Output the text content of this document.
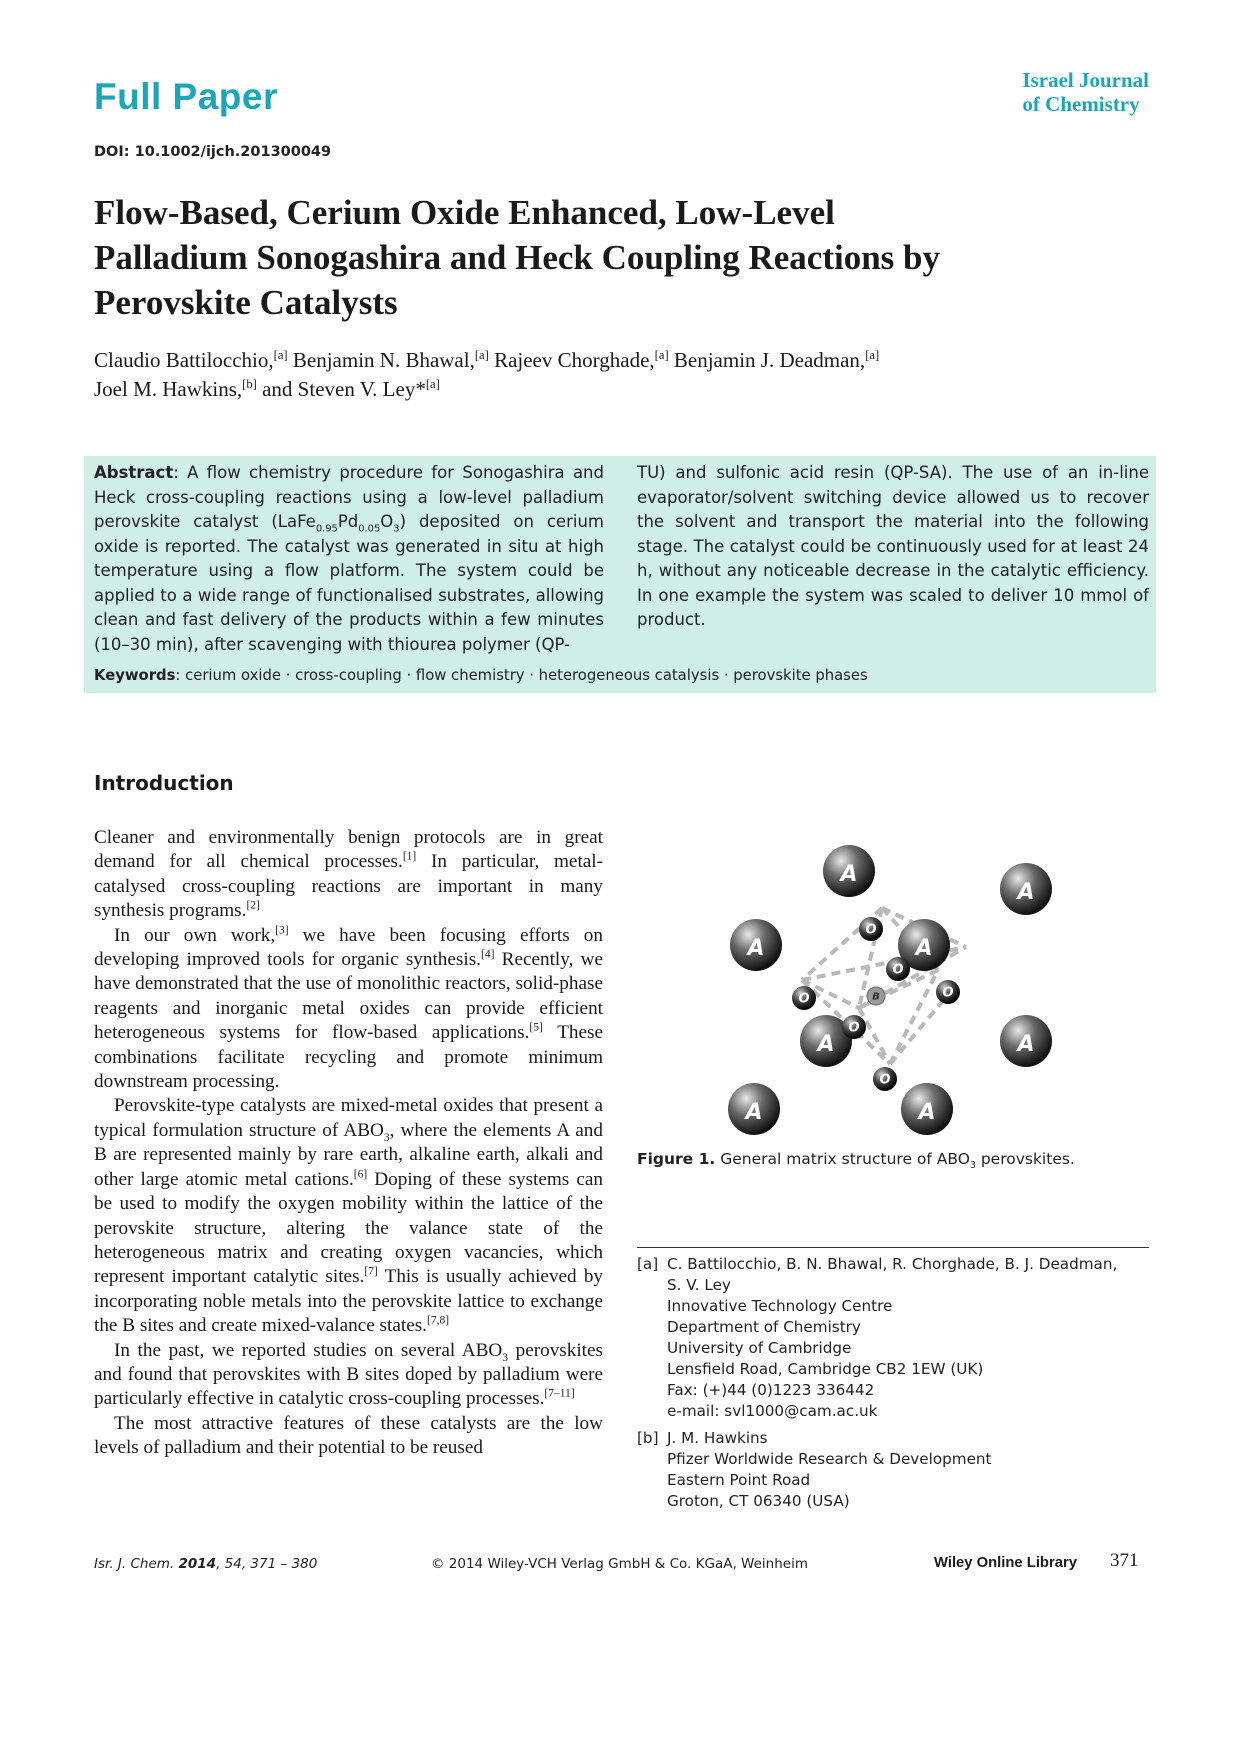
Full Paper	Israel Journal
of Chemistry
DOI: 10.1002/ijch.201300049
Flow-Based, Cerium Oxide Enhanced, Low-Level
Palladium Sonogashira and Heck Coupling Reactions by
Perovskite Catalysts
Claudio Battilocchio,[a] Benjamin N. Bhawal,[a] Rajeev Chorghade,[a] Benjamin J. Deadman,[a]
Joel M. Hawkins,[b] and Steven V. Ley*[a]
Abstract: A flow chemistry procedure for Sonogashira and Heck cross-coupling reactions using a low-level palladium perovskite catalyst $(LaFe_{0.95}Pd_{0.05}O_3)$ deposited on cerium oxide is reported. The catalyst was generated in situ at high temperature using a flow platform. The system could be applied to a wide range of functionalised substrates, allowing clean and fast delivery of the products within a few minutes (10–30 min), after scavenging with thiourea polymer (QP-
TU) and sulfonic acid resin (QP-SA). The use of an in-line evaporator/solvent switching device allowed us to recover the solvent and transport the material into the following stage. The catalyst could be continuously used for at least 24 h, without any noticeable decrease in the catalytic efficiency. In one example the system was scaled to deliver 10 mmol of product.
Keywords: cerium oxide · cross-coupling · flow chemistry · heterogeneous catalysis · perovskite phases
Introduction

Cleaner and environmentally benign protocols are in great demand for all chemical processes.[1] In particular, metal-catalysed cross-coupling reactions are important in many synthesis programs.[2]

In our own work,[3] we have been focusing efforts on developing improved tools for organic synthesis.[4] Recently, we have demonstrated that the use of monolithic reactors, solid-phase reagents and inorganic metal oxides can provide efficient heterogeneous systems for flow-based applications.[5] These combinations facilitate recycling and promote minimum downstream processing.

Perovskite-type catalysts are mixed-metal oxides that present a typical formulation structure of $ABO_3$, where the elements A and B are represented mainly by rare earth, alkaline earth, alkali and other large atomic metal cations.[6] Doping of these systems can be used to modify the oxygen mobility within the lattice of the perovskite structure, altering the valance state of the heterogeneous matrix and creating oxygen vacancies, which represent important catalytic sites.[7] This is usually achieved by incorporating noble metals into the perovskite lattice to exchange the B sites and create mixed-valance states.[7,8]

In the past, we reported studies on several $ABO_3$ perovskites and found that perovskites with B sites doped by palladium were particularly effective in catalytic cross-coupling processes.[7–11]

The most attractive features of these catalysts are the low levels of palladium and their potential to be reused

A
A
A	A
A	A
A	A
O
O
O	O
O
O
B
Figure 1. General matrix structure of $ABO_3$ perovskites.
[a] C. Battilocchio, B. N. Bhawal, R. Chorghade, B. J. Deadman,
S. V. Ley
Innovative Technology Centre
Department of Chemistry
University of Cambridge
Lensfield Road, Cambridge CB2 1EW (UK)
Fax: (+)44 (0)1223 336442
e-mail: svl1000@cam.ac.uk
[b] J. M. Hawkins
Pfizer Worldwide Research & Development
Eastern Point Road
Groton, CT 06340 (USA)
Isr. J. Chem. 2014, 54, 371 – 380	© 2014 Wiley-VCH Verlag GmbH & Co. KGaA, Weinheim	Wiley Online Library 371
